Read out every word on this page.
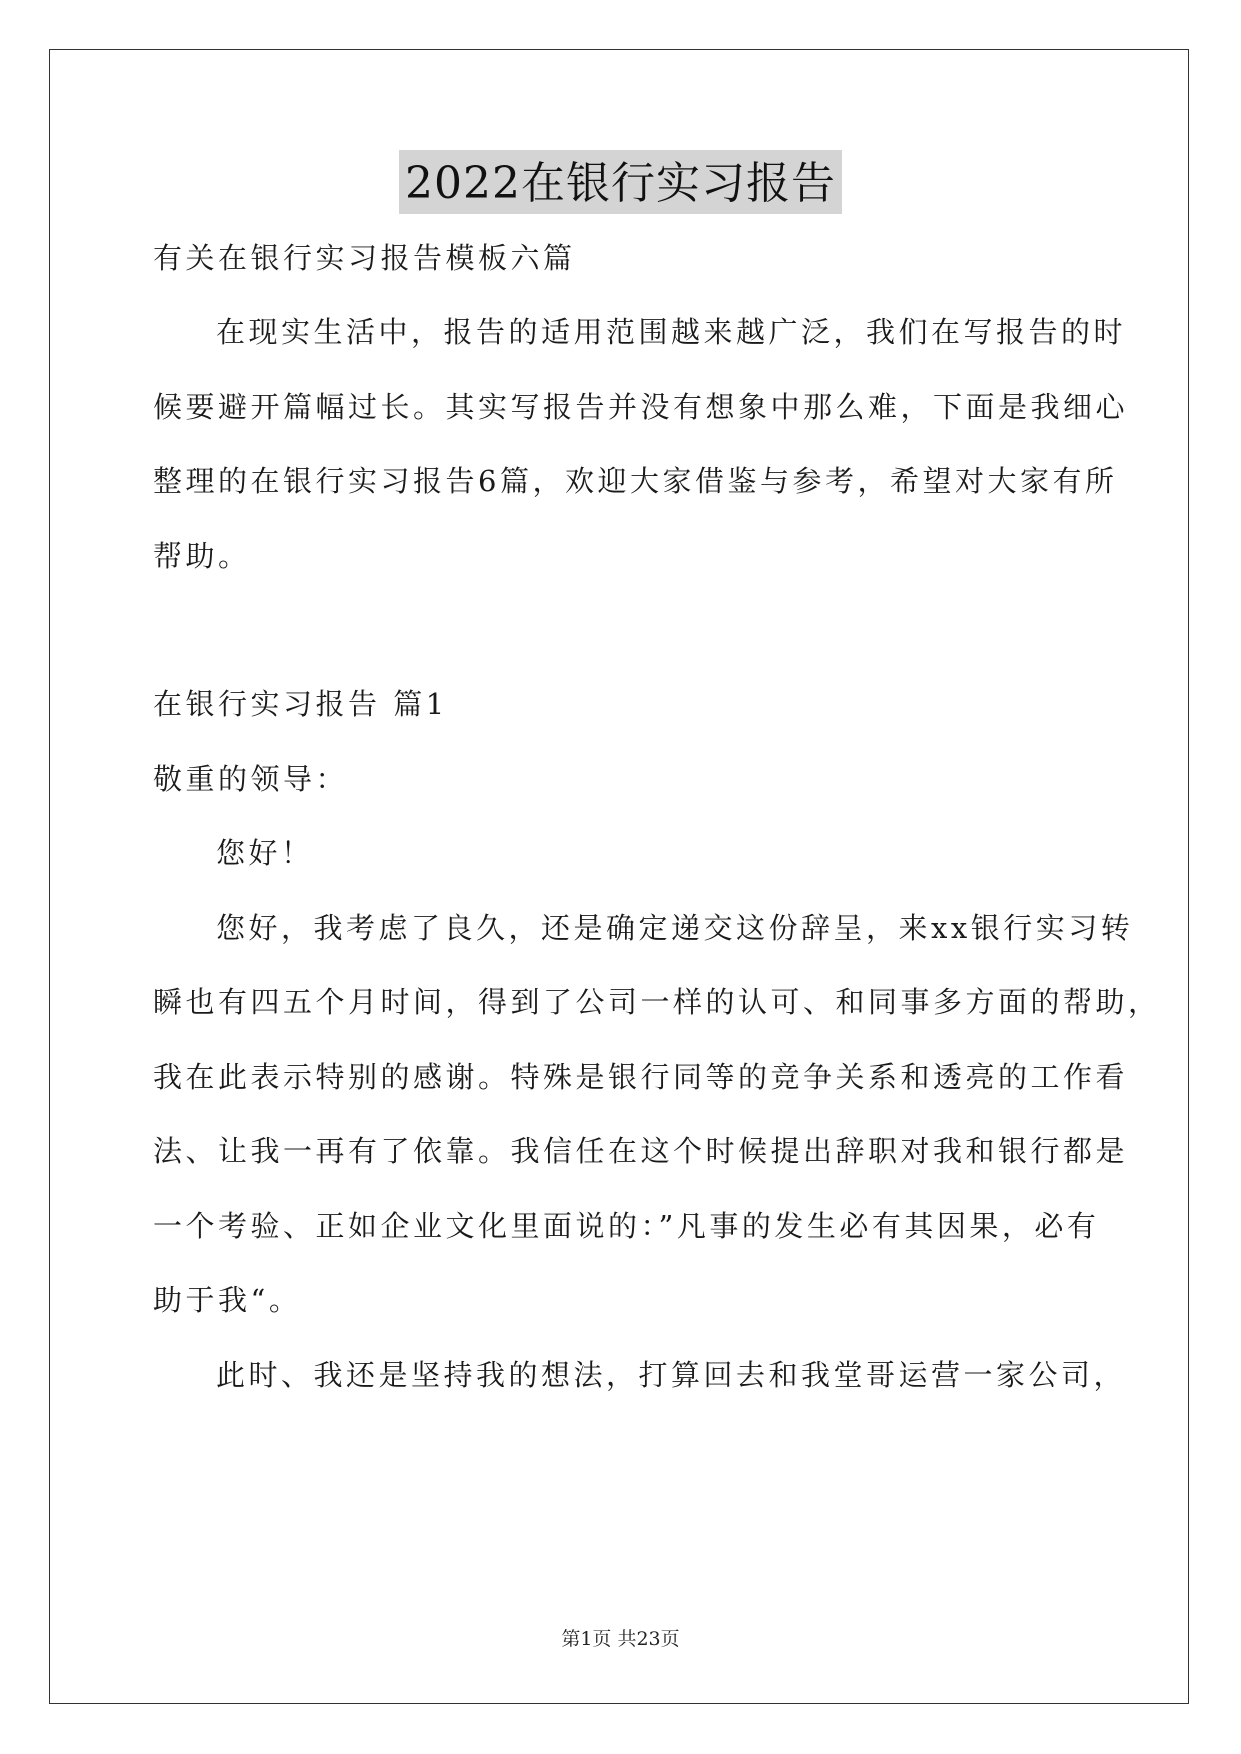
2022在银行实习报告
有关在银行实习报告模板六篇
在现实生活中，报告的适用范围越来越广泛，我们在写报告的时
候要避开篇幅过长。其实写报告并没有想象中那么难，下面是我细心
整理的在银行实习报告6篇，欢迎大家借鉴与参考，希望对大家有所
帮助。
在银行实习报告 篇1
敬重的领导：
您好！
您好，我考虑了良久，还是确定递交这份辞呈，来xx银行实习转
瞬也有四五个月时间，得到了公司一样的认可、和同事多方面的帮助，
我在此表示特别的感谢。特殊是银行同等的竞争关系和透亮的工作看
法、让我一再有了依靠。我信任在这个时候提出辞职对我和银行都是
一个考验、正如企业文化里面说的：”凡事的发生必有其因果，必有
助于我“。
此时、我还是坚持我的想法，打算回去和我堂哥运营一家公司，
第1页 共23页
